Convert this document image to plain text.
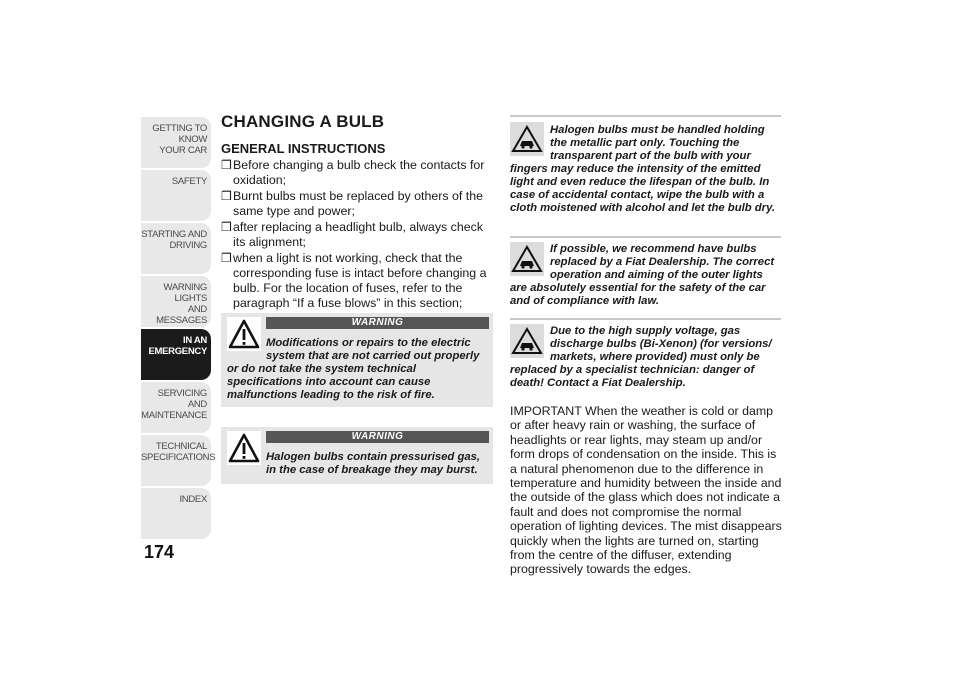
GETTING TO KNOW
YOUR CAR
SAFETY
STARTING AND
DRIVING
WARNING LIGHTS
AND MESSAGES
IN AN
EMERGENCY
SERVICING AND
MAINTENANCE
TECHNICAL
SPECIFICATIONS
INDEX
174
CHANGING A BULB
GENERAL INSTRUCTIONS
❒ Before changing a bulb check the contacts for oxidation;
❒ Burnt bulbs must be replaced by others of the same type and power;
❒ after replacing a headlight bulb, always check its alignment;
❒ when a light is not working, check that the corresponding fuse is intact before changing a bulb. For the location of fuses, refer to the paragraph “If a fuse blows” in this section;
WARNING
Modifications or repairs to the electric
system that are not carried out properly
or do not take the system technical specifications into account can cause malfunctions leading to the risk of fire.
WARNING
Halogen bulbs contain pressurised gas,
in the case of breakage they may burst.
Halogen bulbs must be handled holding the metallic part only. Touching the transparent part of the bulb with your
fingers may reduce the intensity of the emitted light and even reduce the lifespan of the bulb. In case of accidental contact, wipe the bulb with a cloth moistened with alcohol and let the bulb dry.
If possible, we recommend have bulbs replaced by a Fiat Dealership. The correct operation and aiming of the outer lights
are absolutely essential for the safety of the car and of compliance with law.
Due to the high supply voltage, gas discharge bulbs (Bi-Xenon) (for versions/ markets, where provided) must only be
replaced by a specialist technician: danger of death! Contact a Fiat Dealership.
IMPORTANT When the weather is cold or damp or after heavy rain or washing, the surface of headlights or rear lights, may steam up and/or form drops of condensation on the inside. This is a natural phenomenon due to the difference in temperature and humidity between the inside and the outside of the glass which does not indicate a fault and does not compromise the normal operation of lighting devices. The mist disappears quickly when the lights are turned on, starting from the centre of the diffuser, extending progressively towards the edges.
